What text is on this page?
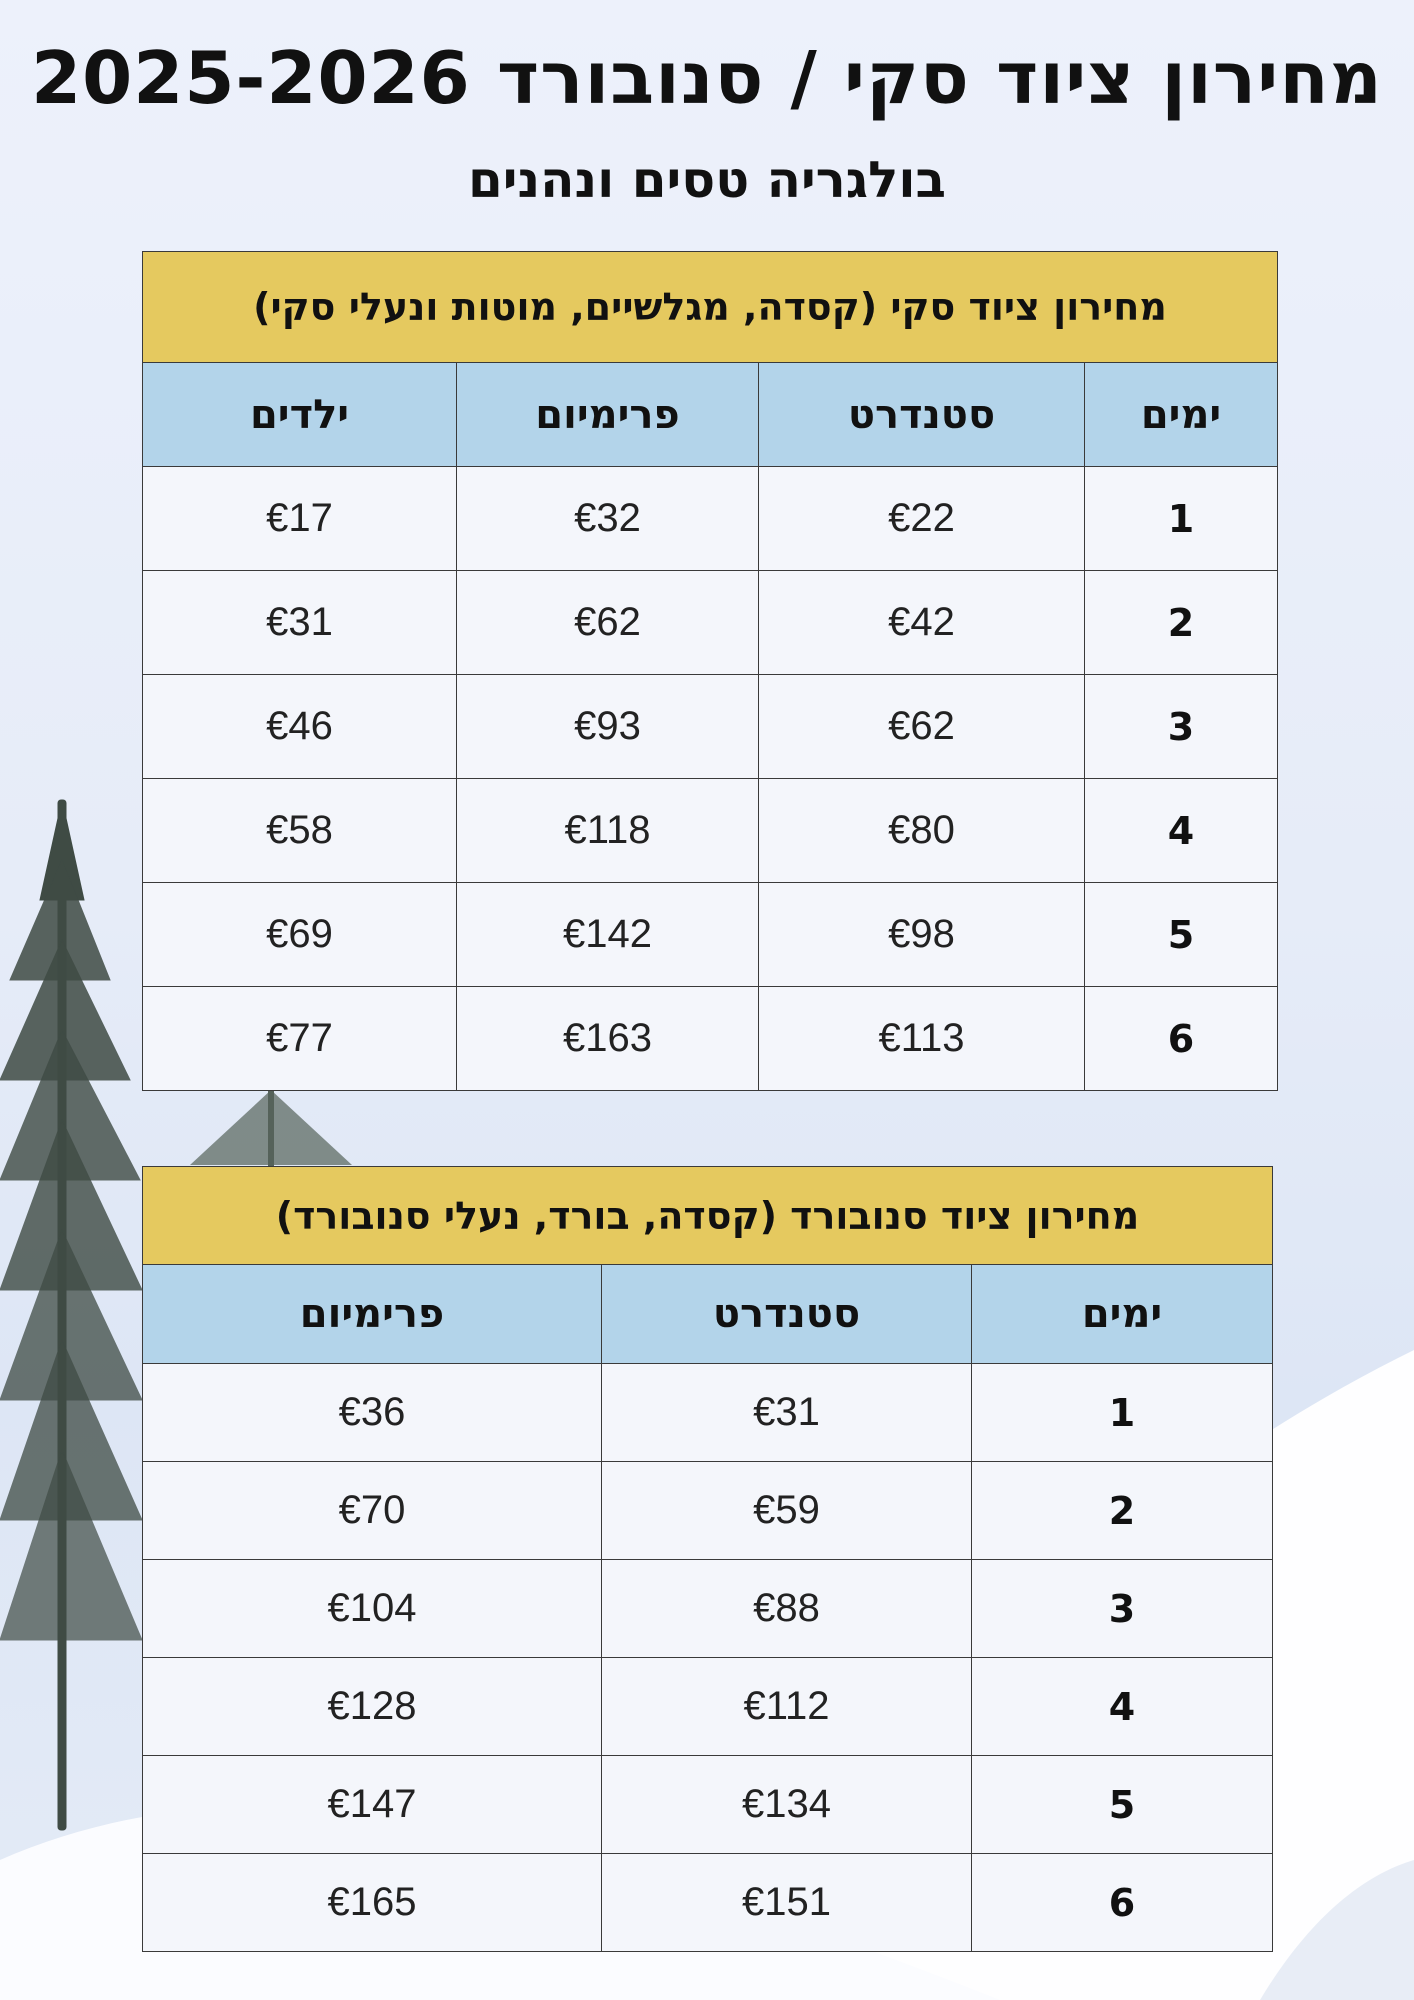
מחירון ציוד סקי / סנובורד 2025-2026
בולגריה טסים ונהנים
מחירון ציוד סקי (קסדה, מגלשיים, מוטות ונעלי סקי)			
ימים	סטנדרט	פרימיום	ילדים
1	€22	€32	€17
2	€42	€62	€31
3	€62	€93	€46
4	€80	€118	€58
5	€98	€142	€69
6	€113	€163	€77
מחירון ציוד סנובורד (קסדה, בורד, נעלי סנובורד)		
ימים	סטנדרט	פרימיום
1	€31	€36
2	€59	€70
3	€88	€104
4	€112	€128
5	€134	€147
6	€151	€165
